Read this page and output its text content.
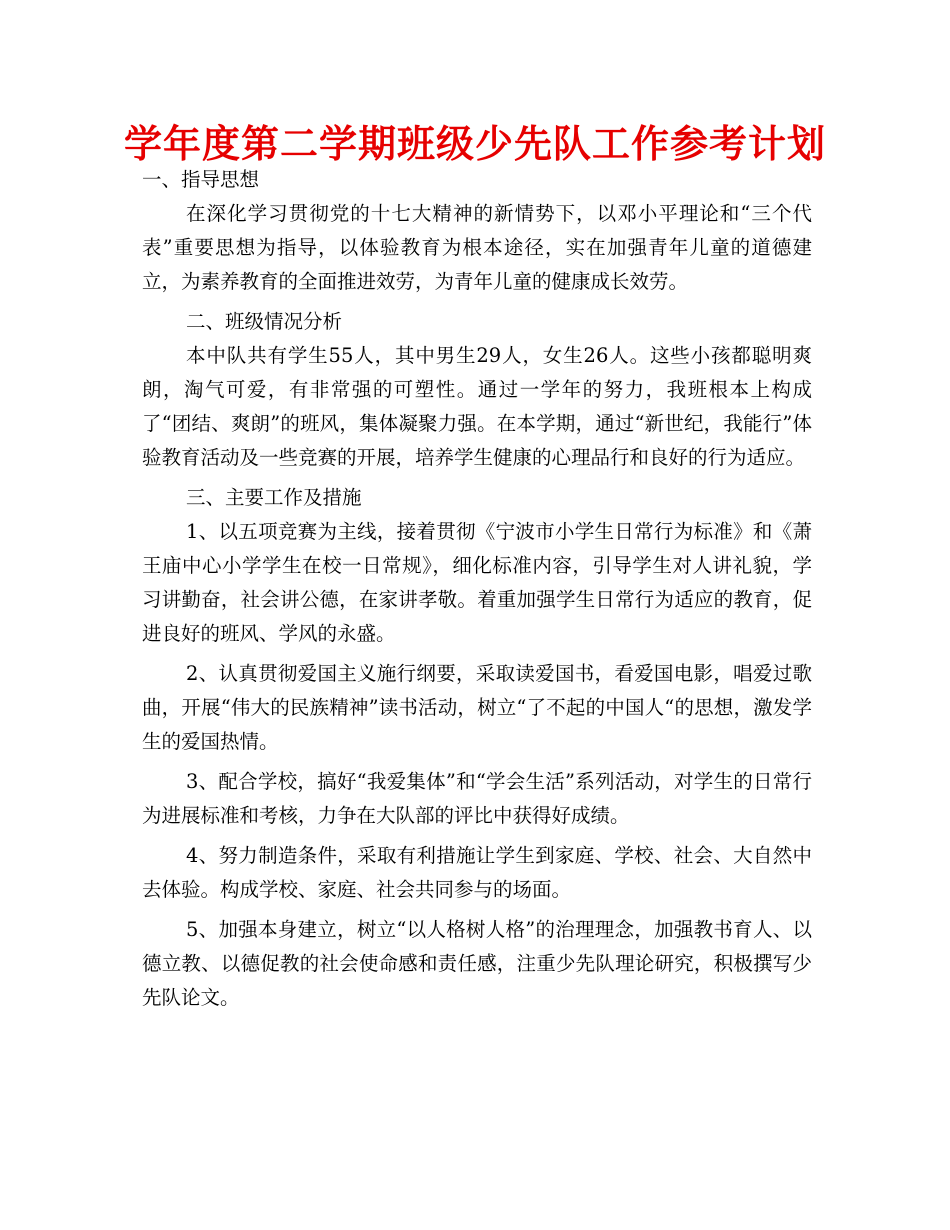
学年度第二学期班级少先队工作参考计划

一、指导思想

在深化学习贯彻党的十七大精神的新情势下，以邓小平理论和“三个代表”重要思想为指导，以体验教育为根本途径，实在加强青年儿童的道德建立，为素养教育的全面推进效劳，为青年儿童的健康成长效劳。

二、班级情况分析

本中队共有学生55人，其中男生29人，女生26人。这些小孩都聪明爽朗，淘气可爱，有非常强的可塑性。通过一学年的努力，我班根本上构成了“团结、爽朗”的班风，集体凝聚力强。在本学期，通过“新世纪，我能行”体验教育活动及一些竞赛的开展，培养学生健康的心理品行和良好的行为适应。

三、主要工作及措施

1、以五项竞赛为主线，接着贯彻《宁波市小学生日常行为标准》和《萧王庙中心小学学生在校一日常规》，细化标准内容，引导学生对人讲礼貌，学习讲勤奋，社会讲公德，在家讲孝敬。着重加强学生日常行为适应的教育，促进良好的班风、学风的永盛。

2、认真贯彻爱国主义施行纲要，采取读爱国书，看爱国电影，唱爱过歌曲，开展“伟大的民族精神”读书活动，树立“了不起的中国人“的思想，激发学生的爱国热情。

3、配合学校，搞好“我爱集体”和“学会生活”系列活动，对学生的日常行为进展标准和考核，力争在大队部的评比中获得好成绩。

4、努力制造条件，采取有利措施让学生到家庭、学校、社会、大自然中去体验。构成学校、家庭、社会共同参与的场面。

5、加强本身建立，树立“以人格树人格”的治理理念，加强教书育人、以德立教、以德促教的社会使命感和责任感，注重少先队理论研究，积极撰写少先队论文。
